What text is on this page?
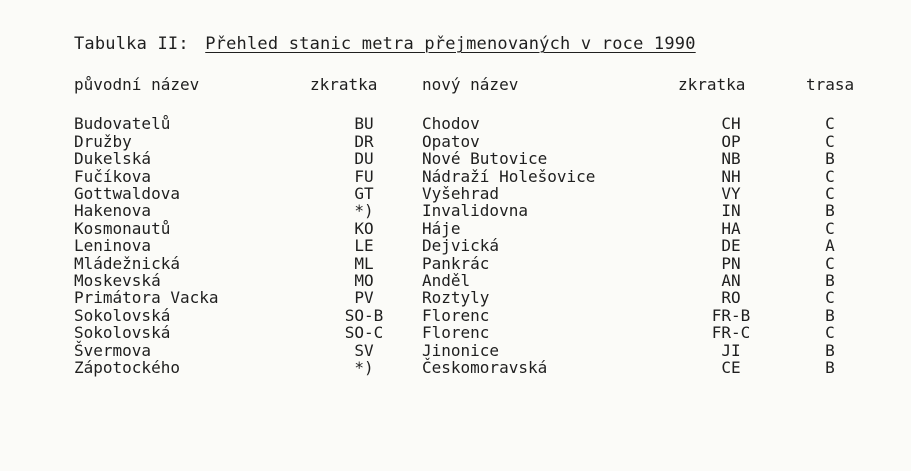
Tabulka II: Přehled stanic metra přejmenovaných v roce 1990
původní název	zkratka	nový název	zkratka	trasa

Budovatelů	BU	Chodov	CH	C
Družby	DR	Opatov	OP	C
Dukelská	DU	Nové Butovice	NB	B
Fučíkova	FU	Nádraží Holešovice	NH	C
Gottwaldova	GT	Vyšehrad	VY	C
Hakenova	*)	Invalidovna	IN	B
Kosmonautů	KO	Háje	HA	C
Leninova	LE	Dejvická	DE	A
Mládežnická	ML	Pankrác	PN	C
Moskevská	MO	Anděl	AN	B
Primátora Vacka	PV	Roztyly	RO	C
Sokolovská	SO-B	Florenc	FR-B	B
Sokolovská	SO-C	Florenc	FR-C	C
Švermova	SV	Jinonice	JI	B
Zápotockého	*)	Českomoravská	CE	B
